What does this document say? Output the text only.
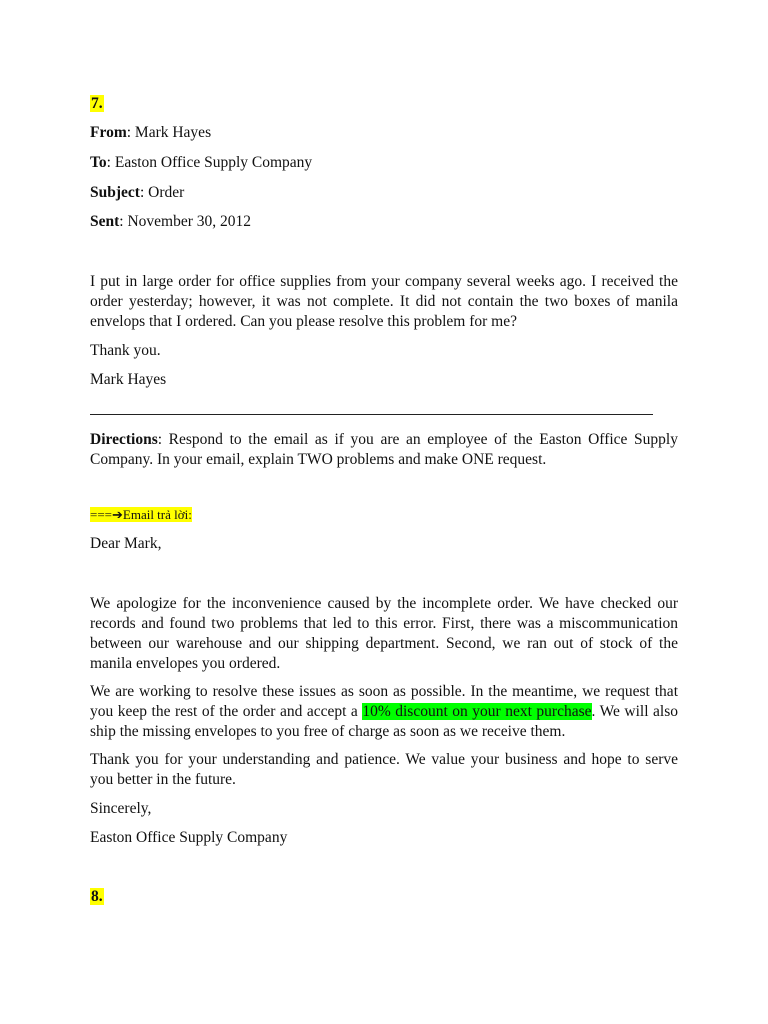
7.
From: Mark Hayes
To: Easton Office Supply Company
Subject: Order
Sent: November 30, 2012
I put in large order for office supplies from your company several weeks ago. I received the order yesterday; however, it was not complete. It did not contain the two boxes of manila envelops that I ordered. Can you please resolve this problem for me?
Thank you.
Mark Hayes
Directions: Respond to the email as if you are an employee of the Easton Office Supply Company. In your email, explain TWO problems and make ONE request.
===➔Email trả lời:
Dear Mark,
We apologize for the inconvenience caused by the incomplete order. We have checked our records and found two problems that led to this error. First, there was a miscommunication between our warehouse and our shipping department. Second, we ran out of stock of the manila envelopes you ordered.
We are working to resolve these issues as soon as possible. In the meantime, we request that you keep the rest of the order and accept a 10% discount on your next purchase. We will also ship the missing envelopes to you free of charge as soon as we receive them.
Thank you for your understanding and patience. We value your business and hope to serve you better in the future.
Sincerely,
Easton Office Supply Company
8.
